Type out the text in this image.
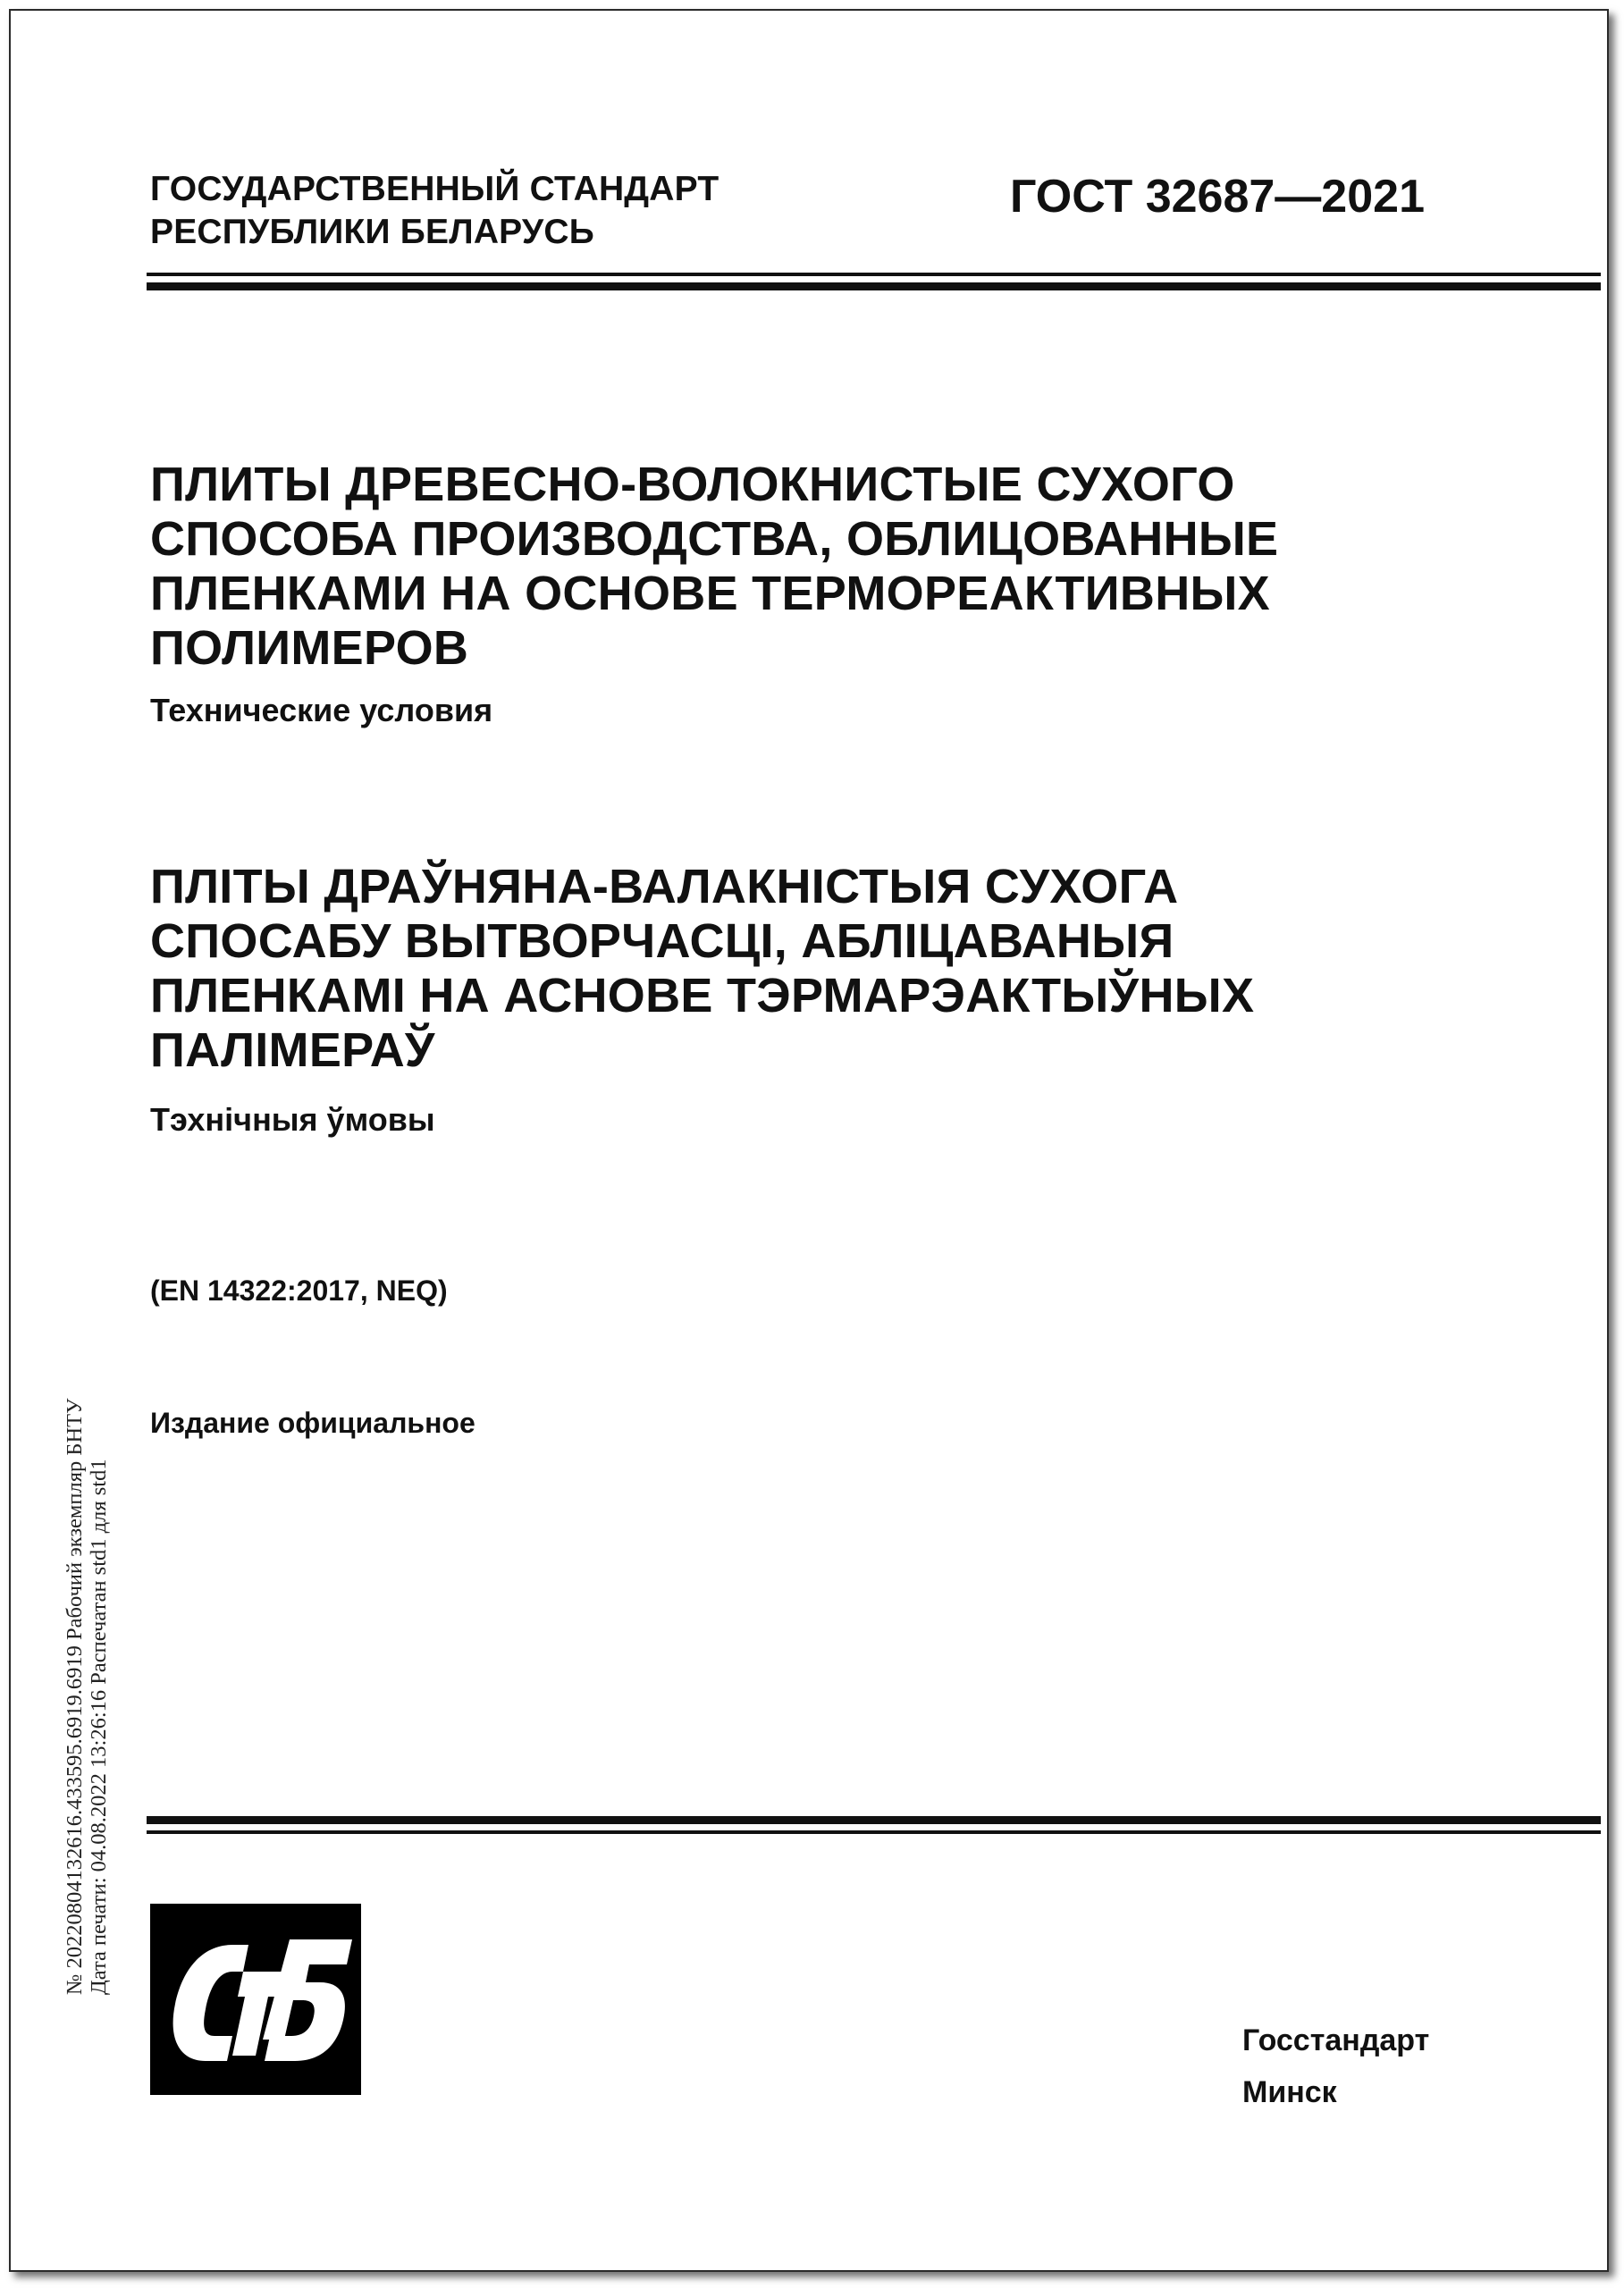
ГОСУДАРСТВЕННЫЙ СТАНДАРТ
РЕСПУБЛИКИ БЕЛАРУСЬ
ГОСТ 32687—2021
ПЛИТЫ ДРЕВЕСНО-ВОЛОКНИСТЫЕ СУХОГО
СПОСОБА ПРОИЗВОДСТВА, ОБЛИЦОВАННЫЕ
ПЛЕНКАМИ НА ОСНОВЕ ТЕРМОРЕАКТИВНЫХ
ПОЛИМЕРОВ
Технические условия
ПЛІТЫ ДРАЎНЯНА-ВАЛАКНІСТЫЯ СУХОГА
СПОСАБУ ВЫТВОРЧАСЦІ, АБЛІЦАВАНЫЯ
ПЛЕНКАМІ НА АСНОВЕ ТЭРМАРЭАКТЫЎНЫХ
ПАЛІМЕРАЎ
Тэхнічныя ўмовы
(EN 14322:2017, NEQ)
Издание официальное
№ 20220804132616.433595.6919.6919 Рабочий экземпляр БНТУ Дата печати: 04.08.2022 13:26:16 Распечатан std1 для std1
Госстандарт
Минск
